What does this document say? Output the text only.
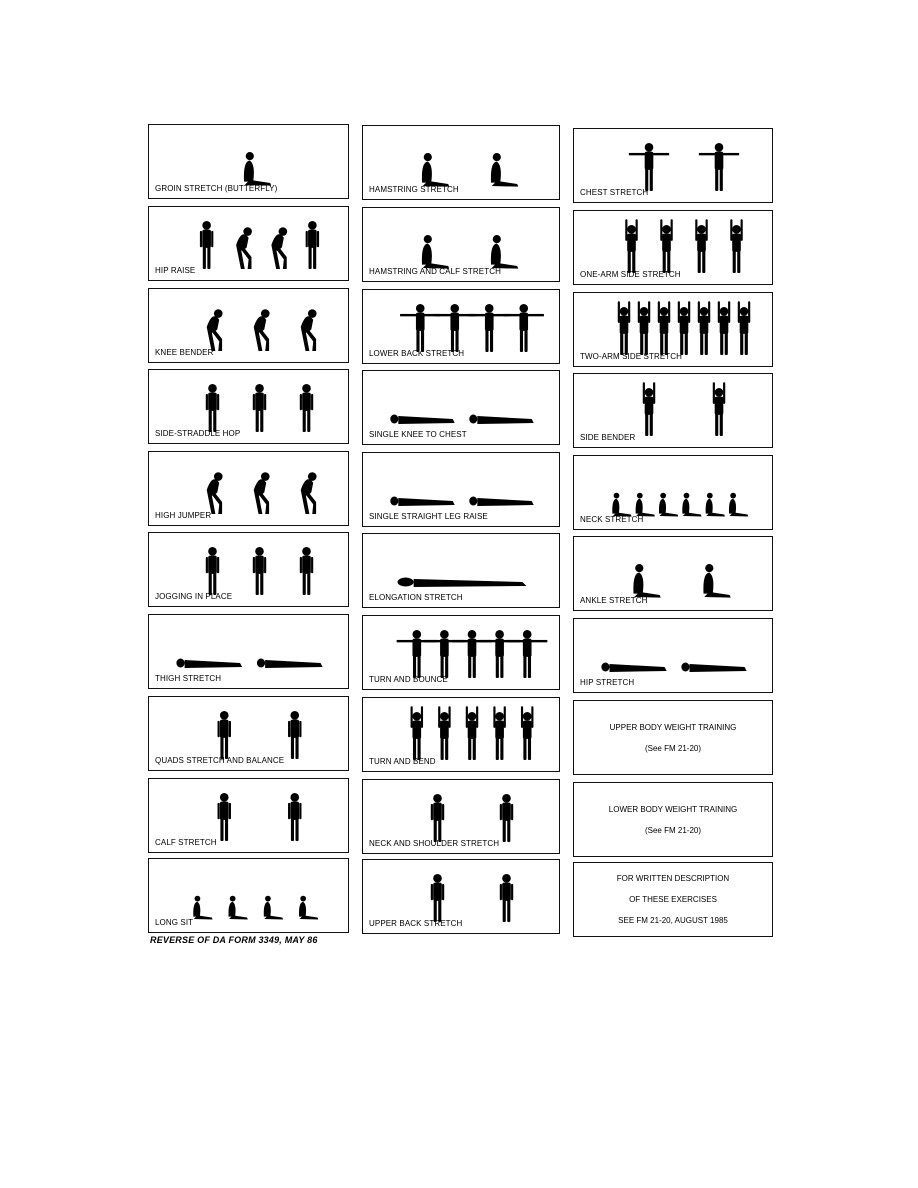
GROIN STRETCH (BUTTERFLY)
HIP RAISE
KNEE BENDER
SIDE-STRADDLE HOP
HIGH JUMPER
JOGGING IN PLACE
THIGH STRETCH
QUADS STRETCH AND BALANCE
CALF STRETCH
LONG SIT
HAMSTRING STRETCH
HAMSTRING AND CALF STRETCH
LOWER BACK STRETCH
SINGLE KNEE TO CHEST
SINGLE STRAIGHT LEG RAISE
ELONGATION STRETCH
TURN AND BOUNCE
TURN AND BEND
NECK AND SHOULDER STRETCH
UPPER BACK STRETCH
CHEST STRETCH
ONE-ARM SIDE STRETCH
TWO-ARM SIDE STRETCH
SIDE BENDER
NECK STRETCH
ANKLE STRETCH
HIP STRETCH
UPPER BODY WEIGHT TRAINING
(See FM 21-20)
LOWER BODY WEIGHT TRAINING
(See FM 21-20)
FOR WRITTEN DESCRIPTION
OF THESE EXERCISES
SEE FM 21-20, AUGUST 1985
REVERSE OF DA FORM 3349, MAY 86
